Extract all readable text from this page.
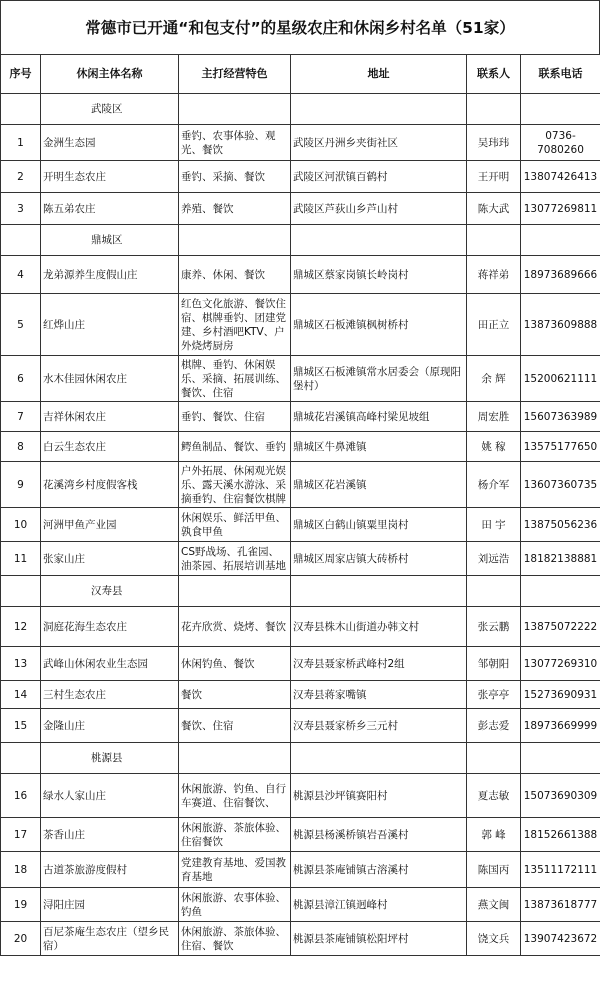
常德市已开通“和包支付”的星级农庄和休闲乡村名单（51家）
序号	休闲主体名称	主打经营特色	地址	联系人	联系电话
	武陵区				
1	金洲生态园	垂钓、农事体验、观光、餐饮	武陵区丹洲乡夹街社区	吴玮玮	0736-7080260
2	开明生态农庄	垂钓、采摘、餐饮	武陵区河洑镇百鹤村	王开明	13807426413
3	陈五弟农庄	养殖、餐饮	武陵区芦荻山乡芦山村	陈大武	13077269811
	鼎城区				
4	龙弟源养生度假山庄	康养、休闲、餐饮	鼎城区蔡家岗镇长岭岗村	蒋祥弟	18973689666
5	红烨山庄	红色文化旅游、餐饮住宿、棋牌垂钓、团建党建、乡村酒吧KTV、户外烧烤厨房	鼎城区石板滩镇枫树桥村	田正立	13873609888
6	水木佳园休闲农庄	棋牌、垂钓、休闲娱乐、采摘、拓展训练、餐饮、住宿	鼎城区石板滩镇常水居委会（原现阳堡村）	余 辉	15200621111
7	吉祥休闲农庄	垂钓、餐饮、住宿	鼎城花岩溪镇高峰村梁见坡组	周宏胜	15607363989
8	白云生态农庄	鳄鱼制品、餐饮、垂钓	鼎城区牛鼻滩镇	姚 稼	13575177650
9	花溪湾乡村度假客栈	户外拓展、休闲观光娱乐、露天溪水游泳、采摘垂钓、住宿餐饮棋牌	鼎城区花岩溪镇	杨介军	13607360735
10	河洲甲鱼产业园	休闲娱乐、鲜活甲鱼、孰食甲鱼	鼎城区白鹤山镇粟里岗村	田 宇	13875056236
11	张家山庄	CS野战场、孔雀园、油茶园、拓展培训基地	鼎城区周家店镇大砖桥村	刘远浩	18182138881
	汉寿县				
12	洞庭花海生态农庄	花卉欣赏、烧烤、餐饮	汉寿县株木山街道办韩文村	张云鹏	13875072222
13	武峰山休闲农业生态园	休闲钓鱼、餐饮	汉寿县聂家桥武峰村2组	邹朝阳	13077269310
14	三村生态农庄	餐饮	汉寿县蒋家嘴镇	张亭亭	15273690931
15	金隆山庄	餐饮、住宿	汉寿县聂家桥乡三元村	彭志爱	18973669999
	桃源县				
16	绿水人家山庄	休闲旅游、钓鱼、自行车赛道、住宿餐饮、	桃源县沙坪镇赛阳村	夏志敏	15073690309
17	茶香山庄	休闲旅游、茶旅体验、住宿餐饮	桃源县杨溪桥镇岩吾溪村	郭 峰	18152661388
18	古道茶旅游度假村	党建教育基地、爱国教育基地	桃源县茶庵铺镇古溶溪村	陈国丙	13511172111
19	浔阳庄园	休闲旅游、农事体验、钓鱼	桃源县漳江镇迥峰村	燕文闽	13873618777
20	百尼茶庵生态农庄（望乡民宿）	休闲旅游、茶旅体验、住宿、餐饮	桃源县茶庵铺镇松阳坪村	饶文兵	13907423672
